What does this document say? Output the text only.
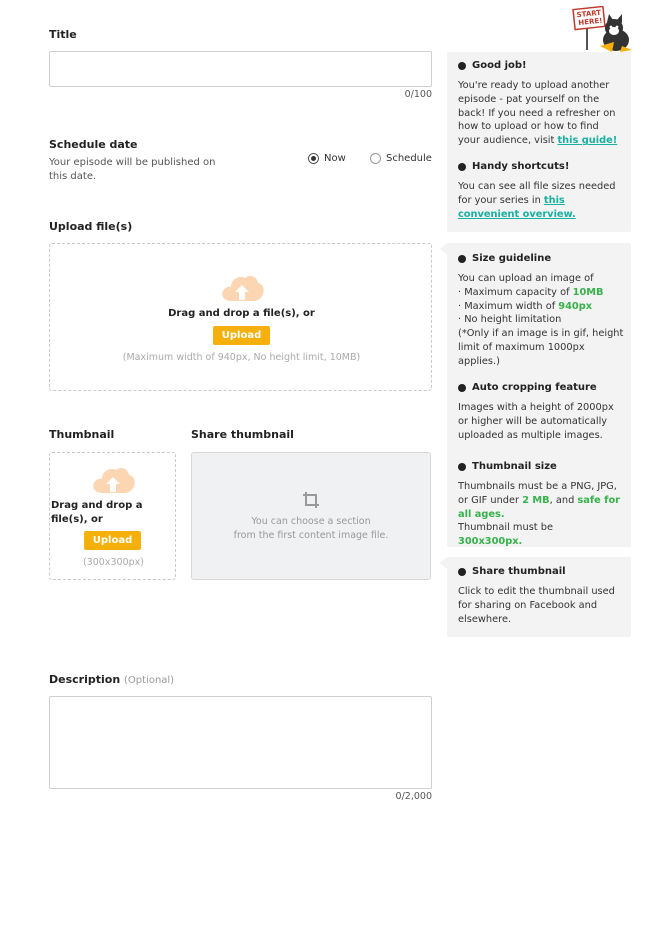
Title
0/100
Schedule date
Your episode will be published on this date.
Now	Schedule
Upload file(s)
Drag and drop a file(s), or
Upload
(Maximum width of 940px, No height limit, 10MB)
Thumbnail
Drag and drop a file(s), or
Upload
(300x300px)
Share thumbnail
You can choose a section
from the first content image file.
Description (Optional)
0/2,000
START
HERE!
Good job!
You're ready to upload another episode - pat yourself on the back! If you need a refresher on how to upload or how to find your audience, visit this guide!
Handy shortcuts!
You can see all file sizes needed for your series in this convenient overview.
Size guideline
You can upload an image of
· Maximum capacity of 10MB
· Maximum width of 940px
· No height limitation
(*Only if an image is in gif, height limit of maximum 1000px applies.)
Auto cropping feature
Images with a height of 2000px or higher will be automatically uploaded as multiple images.
Thumbnail size
Thumbnails must be a PNG, JPG, or GIF under 2 MB, and safe for all ages.
Thumbnail must be 300x300px.
Share thumbnail
Click to edit the thumbnail used for sharing on Facebook and elsewhere.
